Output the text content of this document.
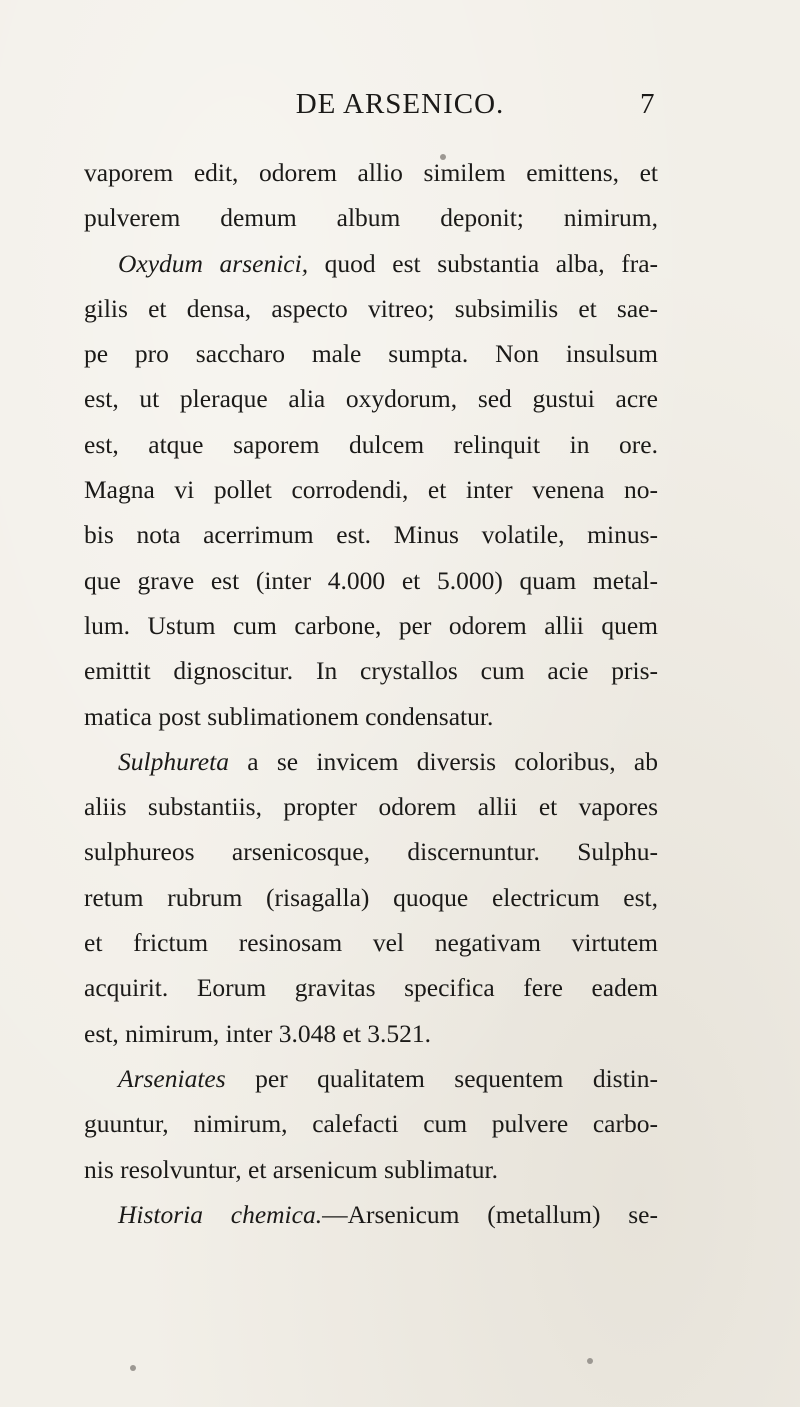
DE ARSENICO.	7
vaporem edit, odorem allio similem emittens, et
pulverem demum album deponit; nimirum,
Oxydum arsenici, quod est substantia alba, fra-
gilis et densa, aspecto vitreo; subsimilis et sae-
pe pro saccharo male sumpta. Non insulsum
est, ut pleraque alia oxydorum, sed gustui acre
est, atque saporem dulcem relinquit in ore.
Magna vi pollet corrodendi, et inter venena no-
bis nota acerrimum est. Minus volatile, minus-
que grave est (inter 4.000 et 5.000) quam metal-
lum. Ustum cum carbone, per odorem allii quem
emittit dignoscitur. In crystallos cum acie pris-
matica post sublimationem condensatur.
Sulphureta a se invicem diversis coloribus, ab
aliis substantiis, propter odorem allii et vapores
sulphureos arsenicosque, discernuntur. Sulphu-
retum rubrum (risagalla) quoque electricum est,
et frictum resinosam vel negativam virtutem
acquirit. Eorum gravitas specifica fere eadem
est, nimirum, inter 3.048 et 3.521.
Arseniates per qualitatem sequentem distin-
guuntur, nimirum, calefacti cum pulvere carbo-
nis resolvuntur, et arsenicum sublimatur.
Historia chemica.—Arsenicum (metallum) se-
